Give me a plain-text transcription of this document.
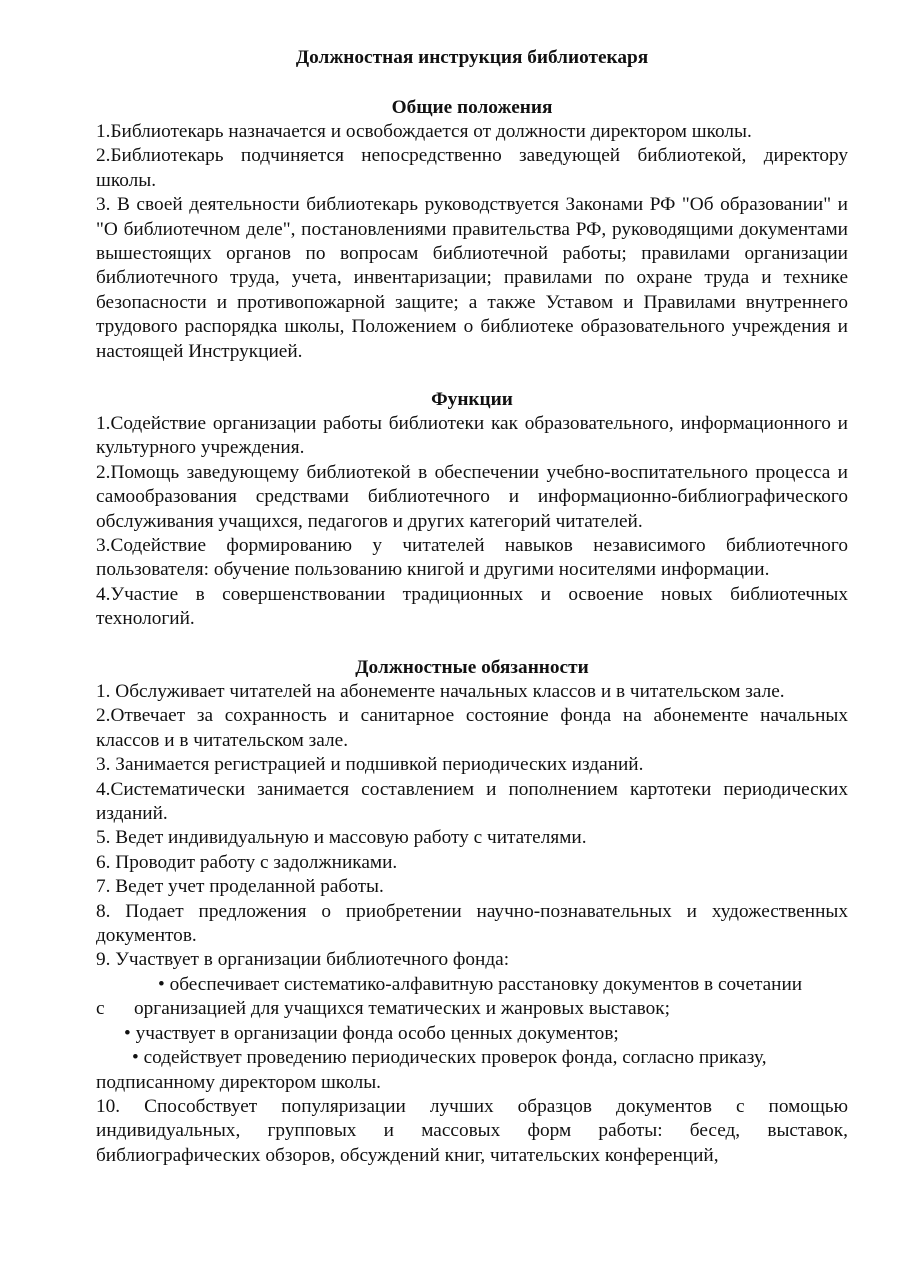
Должностная инструкция библиотекаря
Общие положения
1.Библиотекарь назначается и освобождается от должности директором школы.
2.Библиотекарь подчиняется непосредственно заведующей библиотекой, директору школы.
3. В своей деятельности библиотекарь руководствуется Законами РФ "Об образовании" и "О библиотечном деле", постановлениями правительства РФ, руководящими документами вышестоящих органов по вопросам библиотечной работы; правилами организации библиотечного труда, учета, инвентаризации; правилами по охране труда и технике безопасности и противопожарной защите; а также Уставом и Правилами внутреннего трудового распорядка школы, Положением о библиотеке образовательного учреждения и настоящей Инструкцией.
Функции
1.Содействие организации работы библиотеки как образовательного, информационного и культурного учреждения.
2.Помощь заведующему библиотекой в обеспечении учебно-воспитательного процесса и самообразования средствами библиотечного и информационно-библиографического обслуживания учащихся, педагогов и других категорий читателей.
3.Содействие формированию у читателей навыков независимого библиотечного пользователя: обучение пользованию книгой и другими носителями информации.
4.Участие в совершенствовании традиционных и освоение новых библиотечных технологий.
Должностные обязанности
1. Обслуживает читателей на абонементе начальных классов и в читательском зале.
2.Отвечает за сохранность и санитарное состояние фонда на абонементе начальных классов и в читательском зале.
3. Занимается регистрацией и подшивкой периодических изданий.
4.Систематически занимается составлением и пополнением картотеки периодических изданий.
5. Ведет индивидуальную и массовую работу с читателями.
6. Проводит работу с задолжниками.
7. Ведет учет проделанной работы.
8. Подает предложения о приобретении научно-познавательных и художественных документов.
9. Участвует в организации библиотечного фонда:
• обеспечивает систематико-алфавитную расстановку документов в сочетании
с организацией для учащихся тематических и жанровых выставок;
• участвует в организации фонда особо ценных документов;
• содействует проведению периодических проверок фонда, согласно приказу,
подписанному директором школы.
10. Способствует популяризации лучших образцов документов с помощью индивидуальных, групповых и массовых форм работы: бесед, выставок, библиографических обзоров, обсуждений книг, читательских конференций,
